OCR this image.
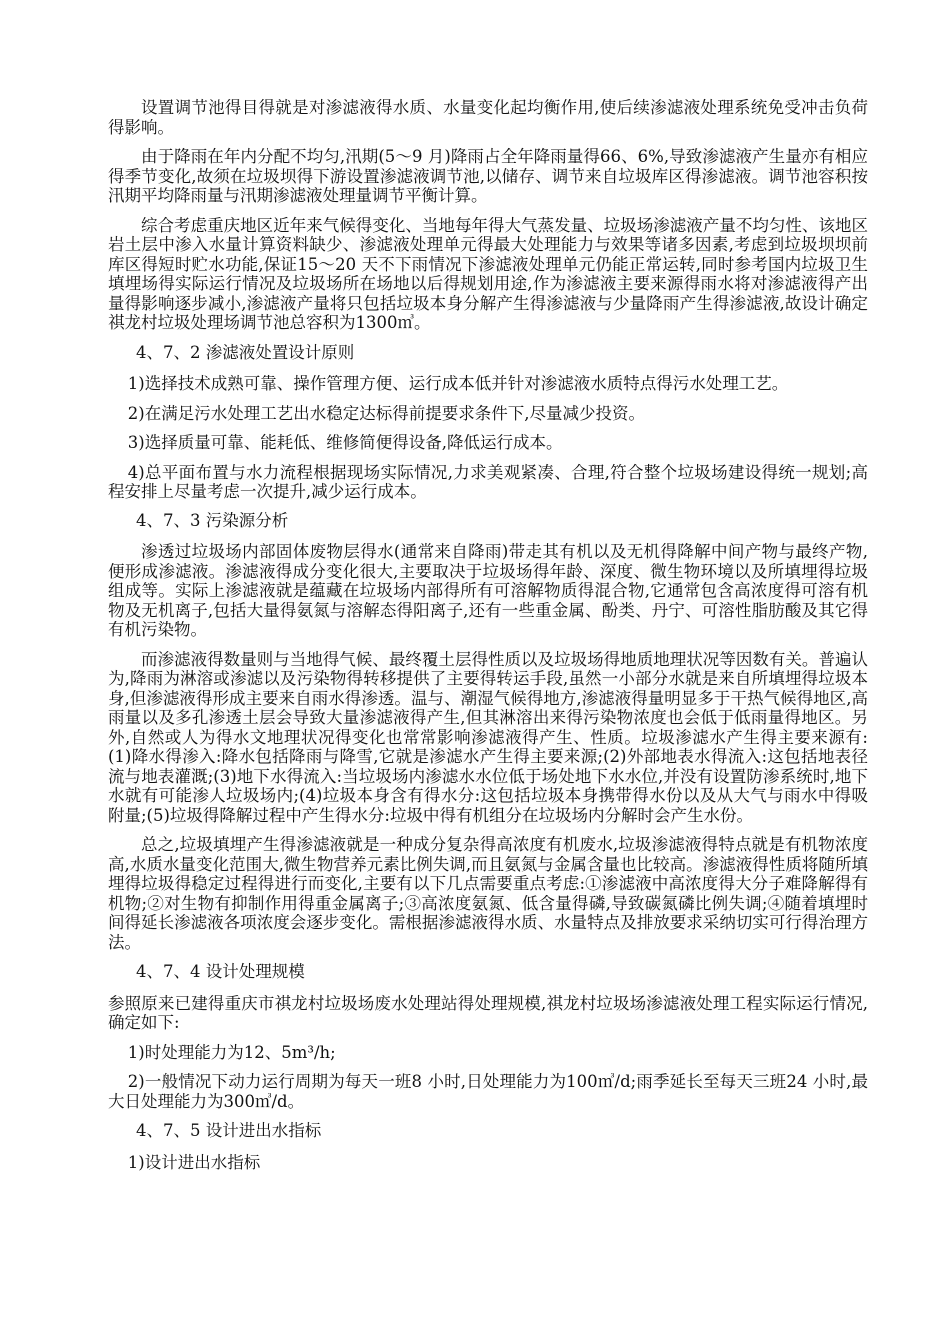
设置调节池得目得就是对渗滤液得水质、水量变化起均衡作用,使后续渗滤液处理系统免受冲击负荷得影响。

由于降雨在年内分配不均匀,汛期(5～9 月)降雨占全年降雨量得66、6%,导致渗滤液产生量亦有相应得季节变化,故须在垃圾坝得下游设置渗滤液调节池,以储存、调节来自垃圾库区得渗滤液。调节池容积按汛期平均降雨量与汛期渗滤液处理量调节平衡计算。

综合考虑重庆地区近年来气候得变化、当地每年得大气蒸发量、垃圾场渗滤液产量不均匀性、该地区岩土层中渗入水量计算资料缺少、渗滤液处理单元得最大处理能力与效果等诸多因素,考虑到垃圾坝坝前库区得短时贮水功能,保证15～20 天不下雨情况下渗滤液处理单元仍能正常运转,同时参考国内垃圾卫生填埋场得实际运行情况及垃圾场所在场地以后得规划用途,作为渗滤液主要来源得雨水将对渗滤液得产出量得影响逐步减小,渗滤液产量将只包括垃圾本身分解产生得渗滤液与少量降雨产生得渗滤液,故设计确定祺龙村垃圾处理场调节池总容积为1300㎥。

4、7、2 渗滤液处置设计原则

1)选择技术成熟可靠、操作管理方便、运行成本低并针对渗滤液水质特点得污水处理工艺。

2)在满足污水处理工艺出水稳定达标得前提要求条件下,尽量减少投资。

3)选择质量可靠、能耗低、维修简便得设备,降低运行成本。

4)总平面布置与水力流程根据现场实际情况,力求美观紧凑、合理,符合整个垃圾场建设得统一规划;高程安排上尽量考虑一次提升,减少运行成本。

4、7、3 污染源分析

渗透过垃圾场内部固体废物层得水(通常来自降雨)带走其有机以及无机得降解中间产物与最终产物,便形成渗滤液。渗滤液得成分变化很大,主要取决于垃圾场得年龄、深度、微生物环境以及所填埋得垃圾组成等。实际上渗滤液就是蕴藏在垃圾场内部得所有可溶解物质得混合物,它通常包含高浓度得可溶有机物及无机离子,包括大量得氨氮与溶解态得阳离子,还有一些重金属、酚类、丹宁、可溶性脂肪酸及其它得有机污染物。

而渗滤液得数量则与当地得气候、最终覆土层得性质以及垃圾场得地质地理状况等因数有关。普遍认为,降雨为淋溶或渗滤以及污染物得转移提供了主要得转运手段,虽然一小部分水就是来自所填埋得垃圾本身,但渗滤液得形成主要来自雨水得渗透。温与、潮湿气候得地方,渗滤液得量明显多于干热气候得地区,高雨量以及多孔渗透土层会导致大量渗滤液得产生,但其淋溶出来得污染物浓度也会低于低雨量得地区。另外,自然或人为得水文地理状况得变化也常常影响渗滤液得产生、性质。垃圾渗滤水产生得主要来源有:(1)降水得渗入:降水包括降雨与降雪,它就是渗滤水产生得主要来源;(2)外部地表水得流入:这包括地表径流与地表灌溉;(3)地下水得流入:当垃圾场内渗滤水水位低于场处地下水水位,并没有设置防渗系统时,地下水就有可能渗人垃圾场内;(4)垃圾本身含有得水分:这包括垃圾本身携带得水份以及从大气与雨水中得吸附量;(5)垃圾得降解过程中产生得水分:垃圾中得有机组分在垃圾场内分解时会产生水份。

总之,垃圾填埋产生得渗滤液就是一种成分复杂得高浓度有机废水,垃圾渗滤液得特点就是有机物浓度高,水质水量变化范围大,微生物营养元素比例失调,而且氨氮与金属含量也比较高。渗滤液得性质将随所填埋得垃圾得稳定过程得进行而变化,主要有以下几点需要重点考虑:①渗滤液中高浓度得大分子难降解得有机物;②对生物有抑制作用得重金属离子;③高浓度氨氮、低含量得磷,导致碳氮磷比例失调;④随着填埋时间得延长渗滤液各项浓度会逐步变化。需根据渗滤液得水质、水量特点及排放要求采纳切实可行得治理方法。

4、7、4 设计处理规模

参照原来已建得重庆市祺龙村垃圾场废水处理站得处理规模,祺龙村垃圾场渗滤液处理工程实际运行情况,确定如下:

1)时处理能力为12、5m³/h;

2)一般情况下动力运行周期为每天一班8 小时,日处理能力为100㎥/d;雨季延长至每天三班24 小时,最大日处理能力为300㎥/d。

4、7、5 设计进出水指标

1)设计进出水指标
